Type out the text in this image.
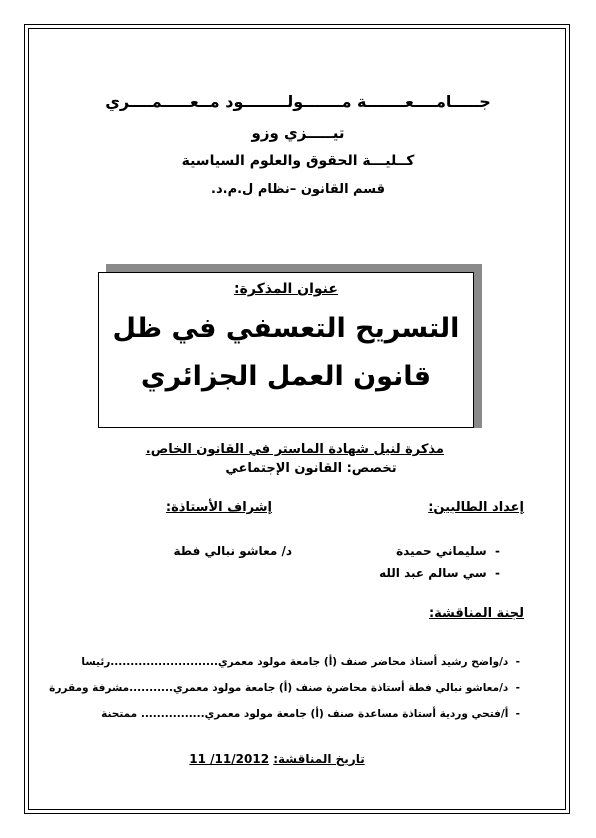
جـــــامــــعـــــــة مـــــــولــــــــود مــعـــــمــــري
تيـــــزي وزو
كــليـــة الحقوق والعلوم السياسية
قسم القانون –نظام ل.م.د.
عنوان المذكرة:
التسريح التعسفي في ظل
قانون العمل الجزائري
مذكرة لنيل شهادة الماستر في القانون الخاص.
تخصص: القانون الإجتماعي
إعداد الطالبين:
إشراف الأستاذة:
-  سليماني حميدة
-  سي سالم عبد الله
د/ معاشو نبالي فطة
لجنة المناقشة:
-  د/واضح رشيد أستاذ محاضر صنف (أ) جامعة مولود معمري...........................رئيسا
-  د/معاشو نبالي فطة أستاذة محاضرة صنف (أ) جامعة مولود معمري...........مشرفة ومقررة
-  أ/فتحي وردية أستاذة مساعدة صنف (أ) جامعة مولود معمري................ ممتحنة
تاريخ المناقشة: 11 /11/2012
